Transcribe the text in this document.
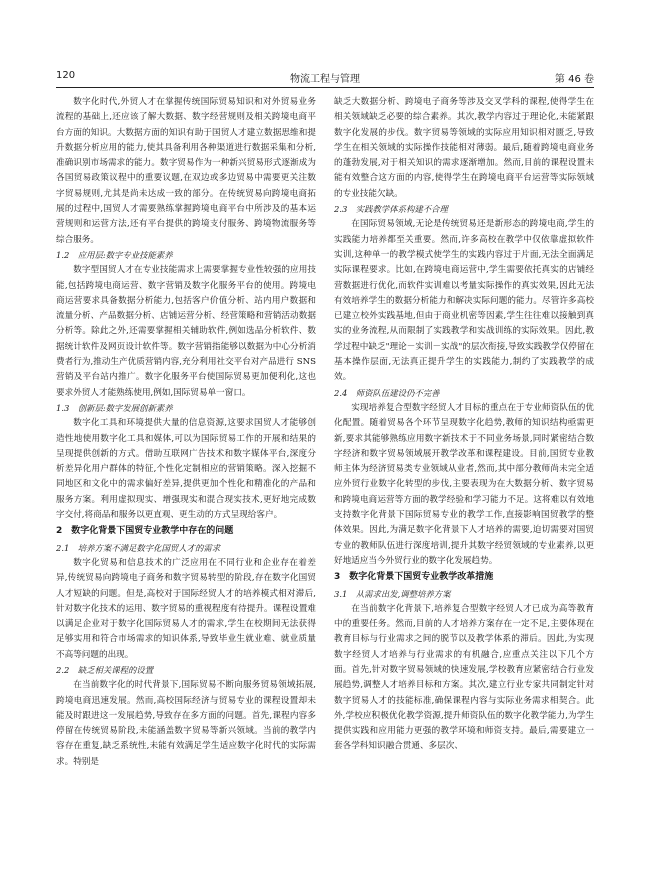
120	物流工程与管理	第 46 卷

数字化时代,外贸人才在掌握传统国际贸易知识和对外贸易业务流程的基础上,还应该了解大数据、数字经营规则及相关跨境电商平台方面的知识。大数据方面的知识有助于国贸人才建立数据思维和提升数据分析应用的能力,使其具备利用各种渠道进行数据采集和分析,准确识别市场需求的能力。数字贸易作为一种新兴贸易形式逐渐成为各国贸易政策议程中的重要议题,在双边或多边贸易中需要更关注数字贸易规则,尤其是尚未达成一致的部分。在传统贸易向跨境电商拓展的过程中,国贸人才需要熟练掌握跨境电商平台中所涉及的基本运营规则和运营方法,还有平台提供的跨境支付服务、跨境物流服务等综合服务。

1.2　应用层:数字专业技能素养

数字型国贸人才在专业技能需求上需要掌握专业性较强的应用技能,包括跨境电商运营、数字营销及数字化服务平台的使用。跨境电商运营要求具备数据分析能力,包括客户价值分析、站内用户数据和流量分析、产品数据分析、店铺运营分析、经营策略和营销活动数据分析等。除此之外,还需要掌握相关辅助软件,例如选品分析软件、数据统计软件及网页设计软件等。数字营销指能够以数据为中心分析消费者行为,推动生产优质营销内容,充分利用社交平台对产品进行 SNS 营销及平台站内推广。数字化服务平台使国际贸易更加便利化,这也要求外贸人才能熟练使用,例如,国际贸易单一窗口。

1.3　创新层:数字发展创新素养

数字化工具和环境提供大量的信息资源,这要求国贸人才能够创造性地使用数字化工具和媒体,可以为国际贸易工作的开展和结果的呈现提供创新的方式。借助互联网广告技术和数字媒体平台,深度分析差异化用户群体的特征,个性化定制相应的营销策略。深入挖掘不同地区和文化中的需求偏好差异,提供更加个性化和精准化的产品和服务方案。利用虚拟现实、增强现实和混合现实技术,更好地完成数字交付,将商品和服务以更直观、更生动的方式呈现给客户。

2　数字化背景下国贸专业教学中存在的问题
2.1　培养方案不满足数字化国贸人才的需求

数字化贸易和信息技术的广泛应用在不同行业和企业存在着差异,传统贸易向跨境电子商务和数字贸易转型的阶段,存在数字化国贸人才短缺的问题。但是,高校对于国际经贸人才的培养模式相对滞后,针对数字化技术的运用、数字贸易的重视程度有待提升。课程设置难以满足企业对于数字化国际贸易人才的需求,学生在校期间无法获得足够实用和符合市场需求的知识体系,导致毕业生就业难、就业质量不高等问题的出现。

2.2　缺乏相关课程的设置

在当前数字化的时代背景下,国际贸易不断向服务贸易领域拓展,跨境电商迅速发展。然而,高校国际经济与贸易专业的课程设置却未能及时跟进这一发展趋势,导致存在多方面的问题。首先,课程内容多停留在传统贸易阶段,未能涵盖数字贸易等新兴领域。当前的教学内容存在重复,缺乏系统性,未能有效满足学生适应数字化时代的实际需求。特别是

缺乏大数据分析、跨境电子商务等涉及交叉学科的课程,使得学生在相关领域缺乏必要的综合素养。其次,教学内容过于理论化,未能紧跟数字化发展的步伐。数字贸易等领域的实际应用知识相对匮乏,导致学生在相关领域的实际操作技能相对薄弱。最后,随着跨境电商业务的蓬勃发展,对于相关知识的需求逐渐增加。然而,目前的课程设置未能有效整合这方面的内容,使得学生在跨境电商平台运营等实际领域的专业技能欠缺。

2.3　实践教学体系构建不合理

在国际贸易领域,无论是传统贸易还是新形态的跨境电商,学生的实践能力培养都至关重要。然而,许多高校在教学中仅依靠虚拟软件实训,这种单一的教学模式使学生的实践内容过于片面,无法全面满足实际课程要求。比如,在跨境电商运营中,学生需要依托真实的店铺经营数据进行优化,而软件实训难以考量实际操作的真实效果,因此无法有效培养学生的数据分析能力和解决实际问题的能力。尽管许多高校已建立校外实践基地,但由于商业机密等因素,学生往往难以接触到真实的业务流程,从而限制了实践教学和实战训练的实际效果。因此,教学过程中缺乏"理论－实训－实战"的层次衔接,导致实践教学仅停留在基本操作层面,无法真正提升学生的实践能力,制约了实践教学的成效。

2.4　师资队伍建设仍不完善

实现培养复合型数字经贸人才目标的重点在于专业师资队伍的优化配置。随着贸易各个环节呈现数字化趋势,教师的知识结构亟需更新,要求其能够熟练应用数字新技术于不同业务场景,同时紧密结合数字经济和数字贸易领域展开教学改革和课程建设。目前,国贸专业教师主体为经济贸易类专业领域从业者,然而,其中部分教师尚未完全适应外贸行业数字化转型的步伐,主要表现为在大数据分析、数字贸易和跨境电商运营等方面的教学经验和学习能力不足。这将难以有效地支持数字化背景下国际贸易专业的教学工作,直接影响国贸教学的整体效果。因此,为满足数字化背景下人才培养的需要,迫切需要对国贸专业的教师队伍进行深度培训,提升其数字经贸领域的专业素养,以更好地适应当今外贸行业的数字化发展趋势。

3　数字化背景下国贸专业教学改革措施
3.1　从需求出发,调整培养方案

在当前数字化背景下,培养复合型数字经贸人才已成为高等教育中的重要任务。然而,目前的人才培养方案存在一定不足,主要体现在教育目标与行业需求之间的脱节以及教学体系的滞后。因此,为实现数字经贸人才培养与行业需求的有机融合,应重点关注以下几个方面。首先,针对数字贸易领域的快速发展,学校教育应紧密结合行业发展趋势,调整人才培养目标和方案。其次,建立行业专家共同制定针对数字贸易人才的技能标准,确保课程内容与实际业务需求相契合。此外,学校应积极优化教学资源,提升师资队伍的数字化教学能力,为学生提供实践和应用能力更强的教学环境和师资支持。最后,需要建立一套各学科知识融合贯通、多层次、
